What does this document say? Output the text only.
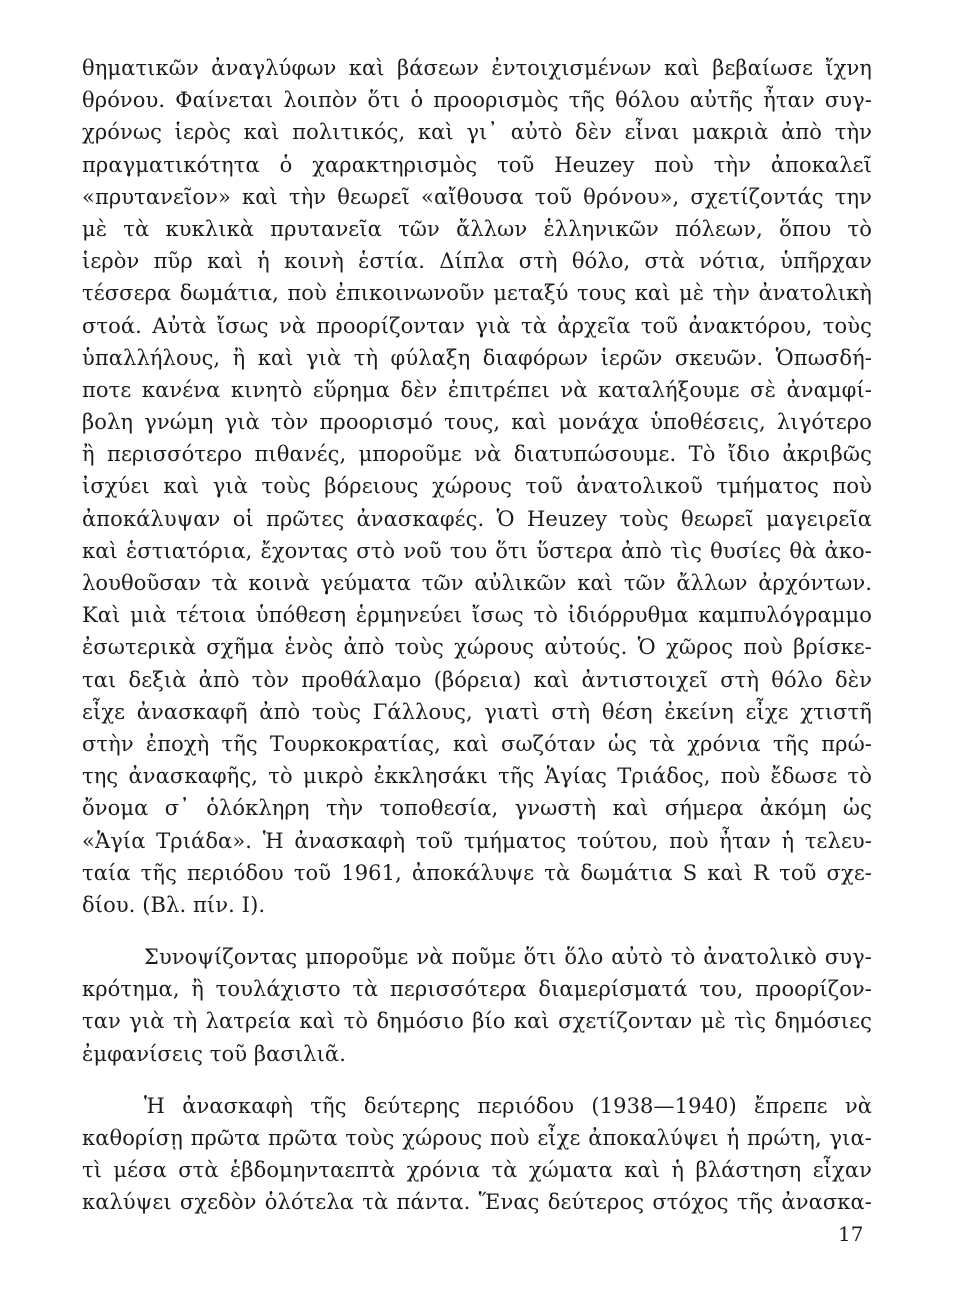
θηματικῶν ἀναγλύφων καὶ βάσεων ἐντοιχισμένων καὶ βεβαίωσε ἴχνη
θρόνου. Φαίνεται λοιπὸν ὅτι ὁ προορισμὸς τῆς θόλου αὐτῆς ἦταν συγ-
χρόνως ἱερὸς καὶ πολιτικός, καὶ γι᾽ αὐτὸ δὲν εἶναι μακριὰ ἀπὸ τὴν
πραγματικότητα ὁ χαρακτηρισμὸς τοῦ Heuzey ποὺ τὴν ἀποκαλεῖ
«πρυτανεῖον» καὶ τὴν θεωρεῖ «αἴθουσα τοῦ θρόνου», σχετίζοντάς την
μὲ τὰ κυκλικὰ πρυτανεῖα τῶν ἄλλων ἑλληνικῶν πόλεων, ὅπου τὸ
ἱερὸν πῦρ καὶ ἡ κοινὴ ἑστία. Δίπλα στὴ θόλο, στὰ νότια, ὑπῆρχαν
τέσσερα δωμάτια, ποὺ ἐπικοινωνοῦν μεταξύ τους καὶ μὲ τὴν ἀνατολικὴ
στοά. Αὐτὰ ἴσως νὰ προορίζονταν γιὰ τὰ ἀρχεῖα τοῦ ἀνακτόρου, τοὺς
ὑπαλλήλους, ἢ καὶ γιὰ τὴ φύλαξη διαφόρων ἱερῶν σκευῶν. Ὁπωσδή-
ποτε κανένα κινητὸ εὕρημα δὲν ἐπιτρέπει νὰ καταλήξουμε σὲ ἀναμφί-
βολη γνώμη γιὰ τὸν προορισμό τους, καὶ μονάχα ὑποθέσεις, λιγότερο
ἢ περισσότερο πιθανές, μποροῦμε νὰ διατυπώσουμε. Τὸ ἴδιο ἀκριβῶς
ἰσχύει καὶ γιὰ τοὺς βόρειους χώρους τοῦ ἀνατολικοῦ τμήματος ποὺ
ἀποκάλυψαν οἱ πρῶτες ἀνασκαφές. Ὁ Heuzey τοὺς θεωρεῖ μαγειρεῖα
καὶ ἑστιατόρια, ἔχοντας στὸ νοῦ του ὅτι ὕστερα ἀπὸ τὶς θυσίες θὰ ἀκο-
λουθοῦσαν τὰ κοινὰ γεύματα τῶν αὐλικῶν καὶ τῶν ἄλλων ἀρχόντων.
Καὶ μιὰ τέτοια ὑπόθεση ἑρμηνεύει ἴσως τὸ ἰδιόρρυθμα καμπυλόγραμμο
ἐσωτερικὰ σχῆμα ἑνὸς ἀπὸ τοὺς χώρους αὐτούς. Ὁ χῶρος ποὺ βρίσκε-
ται δεξιὰ ἀπὸ τὸν προθάλαμο (βόρεια) καὶ ἀντιστοιχεῖ στὴ θόλο δὲν
εἶχε ἀνασκαφῆ ἀπὸ τοὺς Γάλλους, γιατὶ στὴ θέση ἐκείνη εἶχε χτιστῆ
στὴν ἐποχὴ τῆς Τουρκοκρατίας, καὶ σωζόταν ὡς τὰ χρόνια τῆς πρώ-
της ἀνασκαφῆς, τὸ μικρὸ ἐκκλησάκι τῆς Ἁγίας Τριάδος, ποὺ ἔδωσε τὸ
ὄνομα σ᾽ ὁλόκληρη τὴν τοποθεσία, γνωστὴ καὶ σήμερα ἀκόμη ὡς
«Ἁγία Τριάδα». Ἡ ἀνασκαφὴ τοῦ τμήματος τούτου, ποὺ ἦταν ἡ τελευ-
ταία τῆς περιόδου τοῦ 1961, ἀποκάλυψε τὰ δωμάτια S καὶ R τοῦ σχε-
δίου. (Βλ. πίν. I).
Συνοψίζοντας μποροῦμε νὰ ποῦμε ὅτι ὅλο αὐτὸ τὸ ἀνατολικὸ συγ-
κρότημα, ἢ τουλάχιστο τὰ περισσότερα διαμερίσματά του, προορίζον-
ταν γιὰ τὴ λατρεία καὶ τὸ δημόσιο βίο καὶ σχετίζονταν μὲ τὶς δημόσιες
ἐμφανίσεις τοῦ βασιλιᾶ.
Ἡ ἀνασκαφὴ τῆς δεύτερης περιόδου (1938—1940) ἔπρεπε νὰ
καθορίσῃ πρῶτα πρῶτα τοὺς χώρους ποὺ εἶχε ἀποκαλύψει ἡ πρώτη, για-
τὶ μέσα στὰ ἑβδομηνταεπτὰ χρόνια τὰ χώματα καὶ ἡ βλάστηση εἶχαν
καλύψει σχεδὸν ὁλότελα τὰ πάντα. Ἕνας δεύτερος στόχος τῆς ἀνασκα-
17
